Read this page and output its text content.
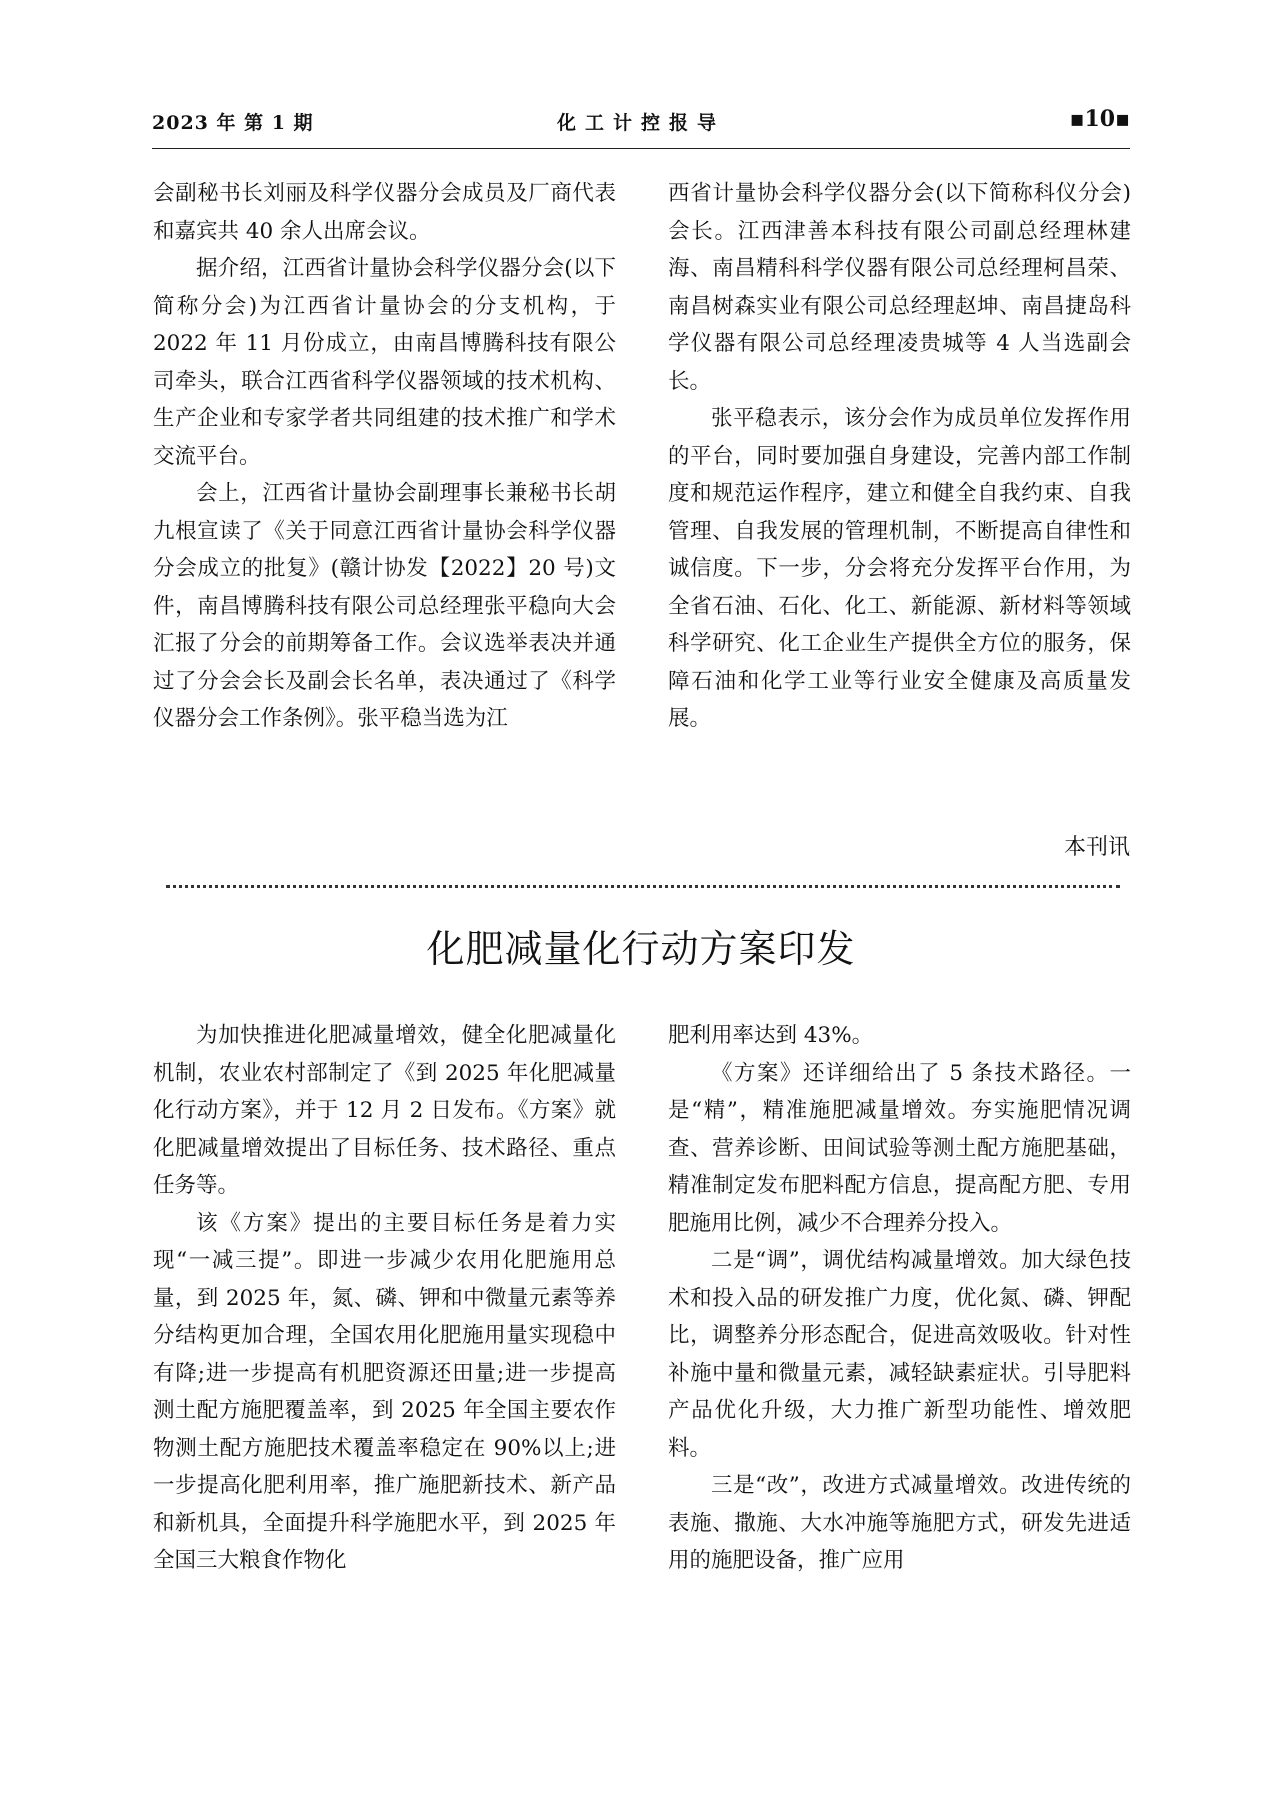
2023 年 第 1 期	化工计控报导	▪10▪

会副秘书长刘丽及科学仪器分会成员及厂商代表和嘉宾共 40 余人出席会议。

据介绍，江西省计量协会科学仪器分会(以下简称分会)为江西省计量协会的分支机构，于 2022 年 11 月份成立，由南昌博腾科技有限公司牵头，联合江西省科学仪器领域的技术机构、生产企业和专家学者共同组建的技术推广和学术交流平台。

会上，江西省计量协会副理事长兼秘书长胡九根宣读了《关于同意江西省计量协会科学仪器分会成立的批复》(赣计协发【2022】20 号)文件，南昌博腾科技有限公司总经理张平稳向大会汇报了分会的前期筹备工作。会议选举表决并通过了分会会长及副会长名单，表决通过了《科学仪器分会工作条例》。张平稳当选为江

西省计量协会科学仪器分会(以下简称科仪分会)会长。江西津善本科技有限公司副总经理林建海、南昌精科科学仪器有限公司总经理柯昌荣、南昌树森实业有限公司总经理赵坤、南昌捷岛科学仪器有限公司总经理凌贵城等 4 人当选副会长。

张平稳表示，该分会作为成员单位发挥作用的平台，同时要加强自身建设，完善内部工作制度和规范运作程序，建立和健全自我约束、自我管理、自我发展的管理机制，不断提高自律性和诚信度。下一步，分会将充分发挥平台作用，为全省石油、石化、化工、新能源、新材料等领域科学研究、化工企业生产提供全方位的服务，保障石油和化学工业等行业安全健康及高质量发展。

本刊讯
化肥减量化行动方案印发

为加快推进化肥减量增效，健全化肥减量化机制，农业农村部制定了《到 2025 年化肥减量化行动方案》，并于 12 月 2 日发布。《方案》就化肥减量增效提出了目标任务、技术路径、重点任务等。

该《方案》提出的主要目标任务是着力实现“一减三提”。即进一步减少农用化肥施用总量，到 2025 年，氮、磷、钾和中微量元素等养分结构更加合理，全国农用化肥施用量实现稳中有降;进一步提高有机肥资源还田量;进一步提高测土配方施肥覆盖率，到 2025 年全国主要农作物测土配方施肥技术覆盖率稳定在 90%以上;进一步提高化肥利用率，推广施肥新技术、新产品和新机具，全面提升科学施肥水平，到 2025 年全国三大粮食作物化

肥利用率达到 43%。

《方案》还详细给出了 5 条技术路径。一是“精”，精准施肥减量增效。夯实施肥情况调查、营养诊断、田间试验等测土配方施肥基础，精准制定发布肥料配方信息，提高配方肥、专用肥施用比例，减少不合理养分投入。

二是“调”，调优结构减量增效。加大绿色技术和投入品的研发推广力度，优化氮、磷、钾配比，调整养分形态配合，促进高效吸收。针对性补施中量和微量元素，减轻缺素症状。引导肥料产品优化升级，大力推广新型功能性、增效肥料。

三是“改”，改进方式减量增效。改进传统的表施、撒施、大水冲施等施肥方式，研发先进适用的施肥设备，推广应用
